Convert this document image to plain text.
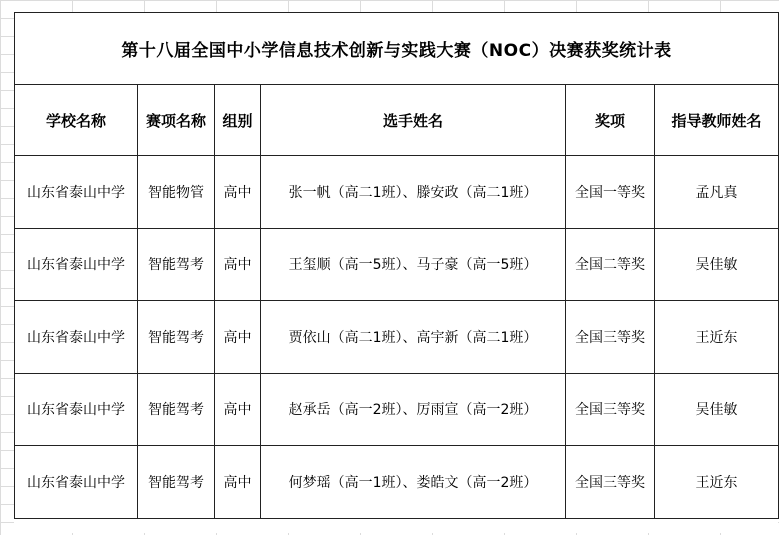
第十八届全国中小学信息技术创新与实践大赛（NOC）决赛获奖统计表					
学校名称	赛项名称	组别	选手姓名	奖项	指导教师姓名
山东省泰山中学	智能物管	高中	张一帆（高二1班）、滕安政（高二1班）	全国一等奖	孟凡真
山东省泰山中学	智能驾考	高中	王玺顺（高一5班）、马子豪（高一5班）	全国二等奖	吴佳敏
山东省泰山中学	智能驾考	高中	贾依山（高二1班）、高宇新（高二1班）	全国三等奖	王近东
山东省泰山中学	智能驾考	高中	赵承岳（高一2班）、厉雨宣（高一2班）	全国三等奖	吴佳敏
山东省泰山中学	智能驾考	高中	何梦瑶（高一1班）、娄皓文（高一2班）	全国三等奖	王近东
